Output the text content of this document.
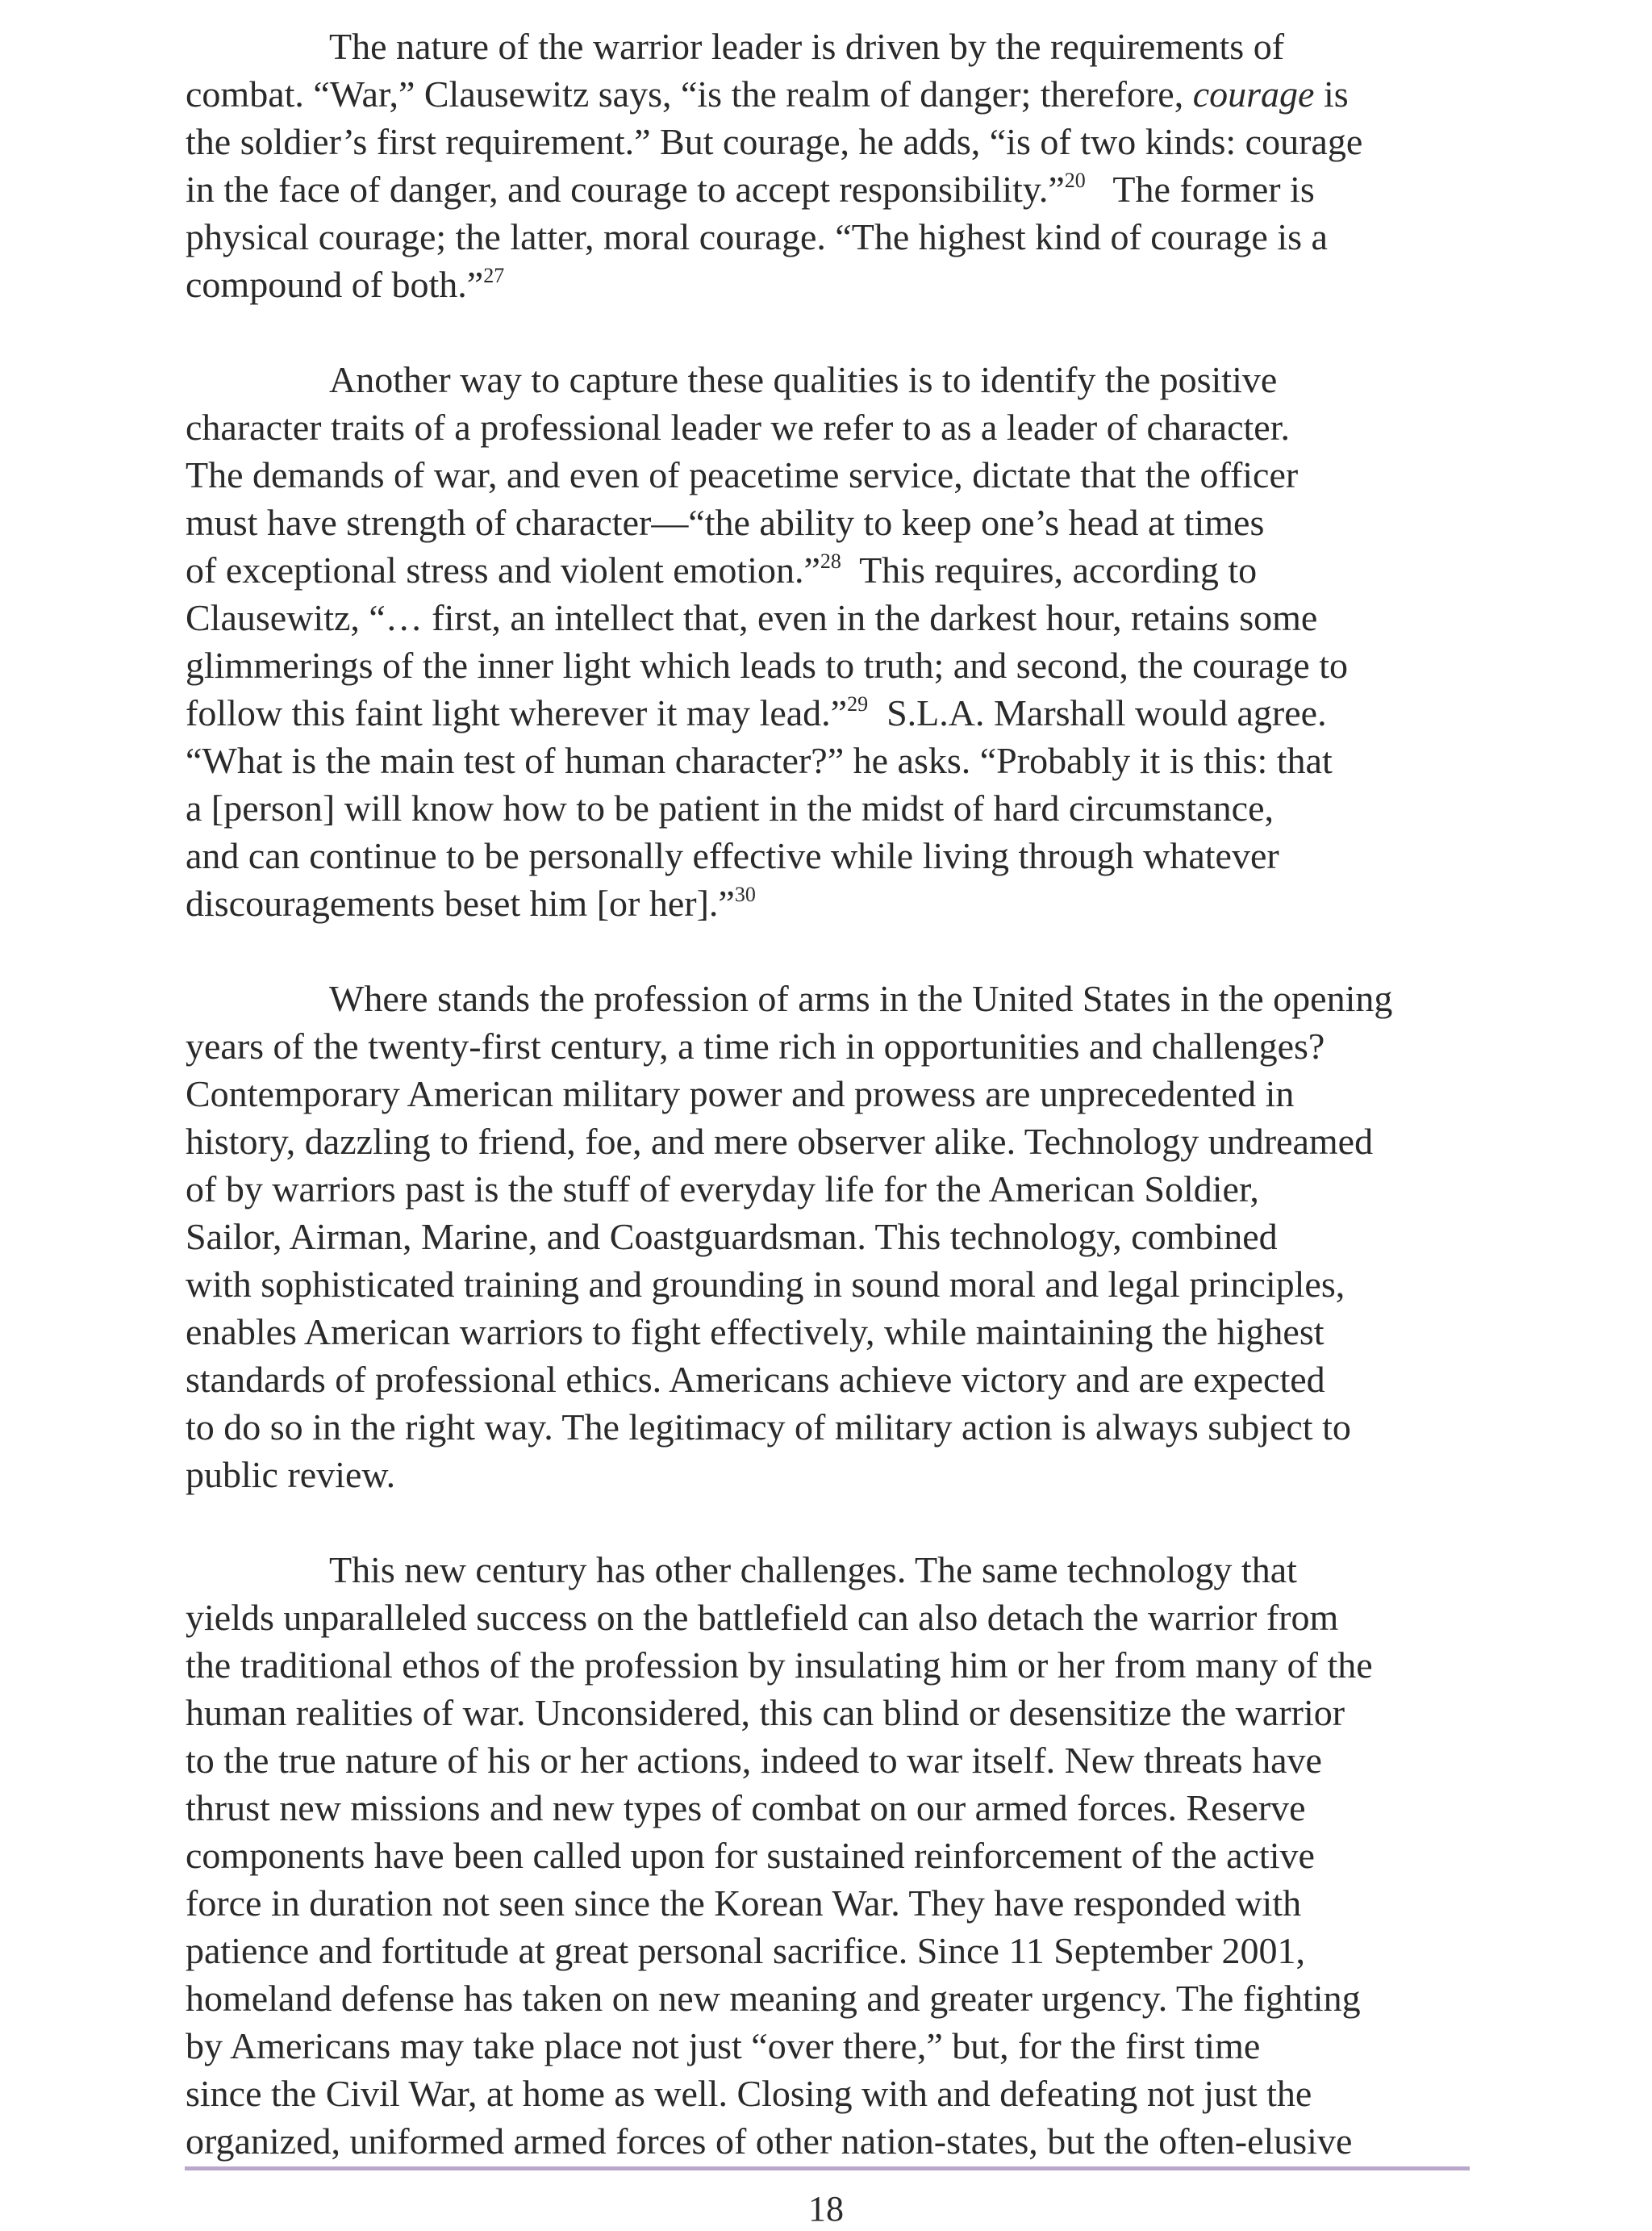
The nature of the warrior leader is driven by the requirements of
combat. “War,” Clausewitz says, “is the realm of danger; therefore, courage is
the soldier’s first requirement.” But courage, he adds, “is of two kinds: courage
in the face of danger, and courage to accept responsibility.”$^{20}$   The former is
physical courage; the latter, moral courage. “The highest kind of courage is a
compound of both.”$^{27}$

Another way to capture these qualities is to identify the positive
character traits of a professional leader we refer to as a leader of character.
The demands of war, and even of peacetime service, dictate that the officer
must have strength of character—“the ability to keep one’s head at times
of exceptional stress and violent emotion.”$^{28}$  This requires, according to
Clausewitz, “… first, an intellect that, even in the darkest hour, retains some
glimmerings of the inner light which leads to truth; and second, the courage to
follow this faint light wherever it may lead.”$^{29}$  S.L.A. Marshall would agree.
“What is the main test of human character?” he asks. “Probably it is this: that
a [person] will know how to be patient in the midst of hard circumstance,
and can continue to be personally effective while living through whatever
discouragements beset him [or her].”$^{30}$

Where stands the profession of arms in the United States in the opening
years of the twenty-first century, a time rich in opportunities and challenges?
Contemporary American military power and prowess are unprecedented in
history, dazzling to friend, foe, and mere observer alike. Technology undreamed
of by warriors past is the stuff of everyday life for the American Soldier,
Sailor, Airman, Marine, and Coastguardsman. This technology, combined
with sophisticated training and grounding in sound moral and legal principles,
enables American warriors to fight effectively, while maintaining the highest
standards of professional ethics. Americans achieve victory and are expected
to do so in the right way. The legitimacy of military action is always subject to
public review.

This new century has other challenges. The same technology that
yields unparalleled success on the battlefield can also detach the warrior from
the traditional ethos of the profession by insulating him or her from many of the
human realities of war. Unconsidered, this can blind or desensitize the warrior
to the true nature of his or her actions, indeed to war itself. New threats have
thrust new missions and new types of combat on our armed forces. Reserve
components have been called upon for sustained reinforcement of the active
force in duration not seen since the Korean War. They have responded with
patience and fortitude at great personal sacrifice. Since 11 September 2001,
homeland defense has taken on new meaning and greater urgency. The fighting
by Americans may take place not just “over there,” but, for the first time
since the Civil War, at home as well. Closing with and defeating not just the
organized, uniformed armed forces of other nation-states, but the often-elusive

18
